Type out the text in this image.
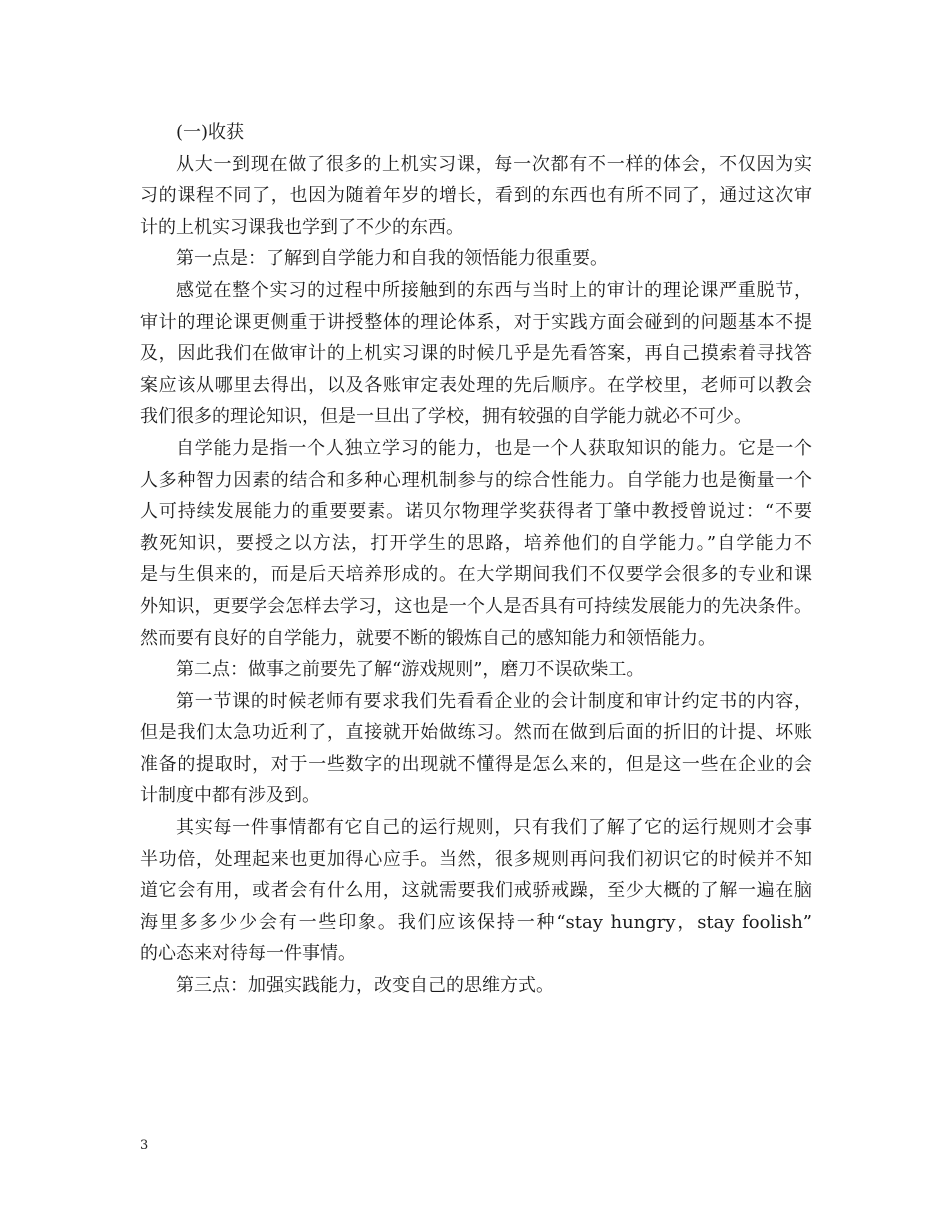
(一)收获
从大一到现在做了很多的上机实习课，每一次都有不一样的体会，不仅因为实
习的课程不同了，也因为随着年岁的增长，看到的东西也有所不同了，通过这次审
计的上机实习课我也学到了不少的东西。
第一点是：了解到自学能力和自我的领悟能力很重要。
感觉在整个实习的过程中所接触到的东西与当时上的审计的理论课严重脱节，
审计的理论课更侧重于讲授整体的理论体系，对于实践方面会碰到的问题基本不提
及，因此我们在做审计的上机实习课的时候几乎是先看答案，再自己摸索着寻找答
案应该从哪里去得出，以及各账审定表处理的先后顺序。在学校里，老师可以教会
我们很多的理论知识，但是一旦出了学校，拥有较强的自学能力就必不可少。
自学能力是指一个人独立学习的能力，也是一个人获取知识的能力。它是一个
人多种智力因素的结合和多种心理机制参与的综合性能力。自学能力也是衡量一个
人可持续发展能力的重要要素。诺贝尔物理学奖获得者丁肇中教授曾说过：“不要
教死知识，要授之以方法，打开学生的思路，培养他们的自学能力。”自学能力不
是与生俱来的，而是后天培养形成的。在大学期间我们不仅要学会很多的专业和课
外知识，更要学会怎样去学习，这也是一个人是否具有可持续发展能力的先决条件。
然而要有良好的自学能力，就要不断的锻炼自己的感知能力和领悟能力。
第二点：做事之前要先了解“游戏规则”，磨刀不误砍柴工。
第一节课的时候老师有要求我们先看看企业的会计制度和审计约定书的内容，
但是我们太急功近利了，直接就开始做练习。然而在做到后面的折旧的计提、坏账
准备的提取时，对于一些数字的出现就不懂得是怎么来的，但是这一些在企业的会
计制度中都有涉及到。
其实每一件事情都有它自己的运行规则，只有我们了解了它的运行规则才会事
半功倍，处理起来也更加得心应手。当然，很多规则再问我们初识它的时候并不知
道它会有用，或者会有什么用，这就需要我们戒骄戒躁，至少大概的了解一遍在脑
海里多多少少会有一些印象。我们应该保持一种“stay hungry，stay foolish”
的心态来对待每一件事情。
第三点：加强实践能力，改变自己的思维方式。
3
